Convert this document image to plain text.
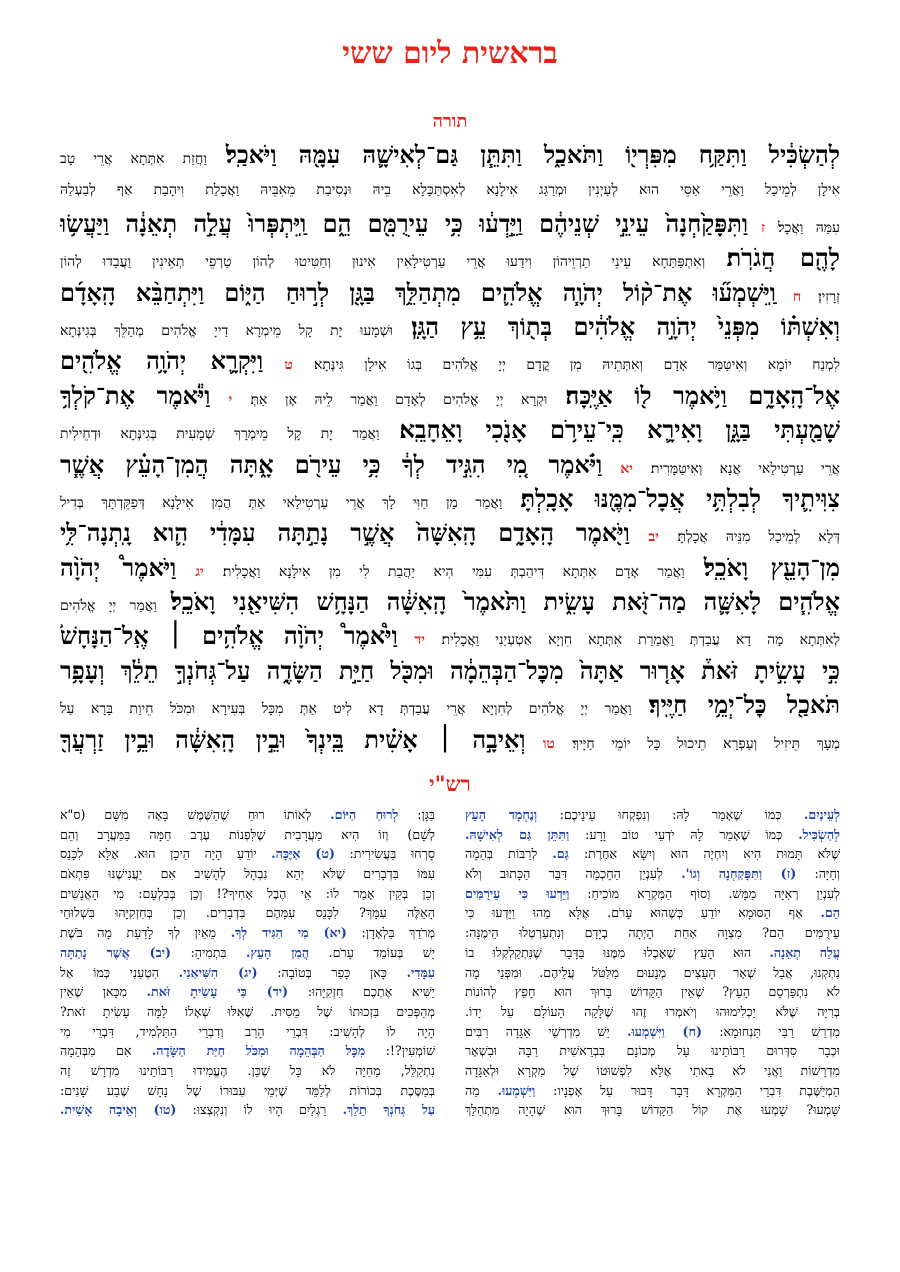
בראשית ליום ששי
תורה
לְהַשְׂכִּ֔יל וַתִּקַּ֥ח מִפִּרְי֖וֹ וַתֹּאכַ֑ל וַתִּתֵּ֧ן גַּם־לְאִישָׁ֛הּ עִמָּ֖הּ וַיֹּאכַֽל׃ וַחֲזַת אִתְּתָא אֲרֵי טָב
אִילָן לְמֵיכַל וַאֲרֵי אַסֵּי הוּא לְעַיְנִין וּמְרַגַּג אִילָנָא לְאִסְתַּכָּלָא בֵיהּ וּנְסִיבַת מֵאִבֵּיהּ וַאֲכָלַת וִיהָבַת אַף לְבַעְלַהּ
עִמַּהּ וַאֲכָל׃ ז וַתִּפָּקַ֙חְנָה֙ עֵינֵ֣י שְׁנֵיהֶ֔ם וַיֵּ֣דְע֔וּ כִּ֥י עֵירֻמִּ֖ם הֵ֑ם וַֽיִּתְפְּרוּ֙ עֲלֵ֣ה תְאֵנָ֔ה וַיַּעֲשׂ֥וּ
לָהֶ֖ם חֲגֹרֹֽת׃ וְאִתְפַּתַּחָא עֵינֵי תַרְוֵיהוֹן וִידַעוּ אֲרֵי עַרְטִילָאִין אִינוּן וְחַטִּיטוּ לְהוֹן טַרְפֵי תְאֵינִין וַעֲבַדוּ לְהוֹן
זְרָזִין׃ ח וַֽיִּשְׁמְע֞וּ אֶת־ק֨וֹל יְהֹוָ֧ה אֱלֹהִ֛ים מִתְהַלֵּ֥ךְ בַּגָּ֖ן לְר֣וּחַ הַיּ֑וֹם וַיִּתְחַבֵּ֨א הָֽאָדָ֜ם
וְאִשְׁתּ֗וֹ מִפְּנֵי֙ יְהֹוָ֣ה אֱלֹהִ֔ים בְּת֖וֹךְ עֵ֥ץ הַגָּֽן׃ וּשְׁמָעוּ יָת קָל מֵימְרָא דַייָ אֱלֹהִים מְהַלֵּךְ בְּגִינְּתָא
לִמְנַח יוֹמָא וְאִיטַּמַּר אָדָם וְאִתְּתֵיהּ מִן קֳדָם יְיָ אֱלֹהִים בְּגוֹ אִילָן גִּינְּתָא׃ ט וַיִּקְרָ֛א יְהֹוָ֥ה אֱלֹהִ֖ים
אֶל־הָֽאָדָ֑ם וַיֹּ֥אמֶר ל֖וֹ אַיֶּֽכָּה׃ וּקְרָא יְיָ אֱלֹהִים לְאָדָם וַאֲמַר לֵיהּ אָן אַתְּ׃ י וַיֹּ֕אמֶר אֶת־קֹלְךָ֥
שָׁמַ֖עְתִּי בַּגָּ֑ן וָאִירָ֛א כִּֽי־עֵירֹ֥ם אָנֹ֖כִי וָאֵחָבֵֽא׃ וַאֲמַר יָת קָל מֵימְרָךְ שְׁמָעִית בְּגִינְּתָא וּדְחֵילִית
אֲרֵי עַרְטִילַאי אֲנָא וְאִיטַּמָּרִית׃ יא וַיֹּ֗אמֶר מִ֚י הִגִּ֣יד לְךָ֔ כִּ֥י עֵירֹ֖ם אָ֑תָּה הֲמִן־הָעֵ֗ץ אֲשֶׁ֧ר
צִוִּיתִ֛יךָ לְבִלְתִּ֥י אֲכָל־מִמֶּ֖נּוּ אָכָֽלְתָּ׃ וַאֲמַר מַן חַוִּי לָךְ אֲרֵי עַרְטִילַאי אַתְּ הֲמִן אִילָנָא דְּפַקֵּדְתָּךְ בְּדִיל
דְּלָא לְמֵיכַל מִנֵּיהּ אֲכָלְתָּ׃ יב וַיֹּ֖אמֶר הָֽאָדָ֑ם הָֽאִשָּׁה֙ אֲשֶׁ֣ר נָתַ֣תָּה עִמָּדִ֔י הִ֛וא נָֽתְנָה־לִּ֥י
מִן־הָעֵ֖ץ וָאֹכֵֽל׃ וַאֲמַר אָדָם אִתְּתָא דִּיהַבְתְּ עִמִּי הִיא יַהֲבַת לִי מִן אִילָנָא וַאֲכָלִית׃ יג וַיֹּאמֶר֩ יְהֹוָ֨ה
אֱלֹהִ֧ים לָאִשָּׁ֛ה מַה־זֹּ֖את עָשִׂ֑ית וַתֹּ֙אמֶר֙ הָֽאִשָּׁ֔ה הַנָּחָ֥שׁ הִשִּׁיאַ֖נִי וָאֹכֵֽל׃ וַאֲמַר יְיָ אֱלֹהִים
לְאִתְּתָא מָה דָא עֲבַדְתְּ וַאֲמַרַת אִתְּתָא חִוְיָא אַטְעְיַנִי וַאֲכָלִית׃ יד וַיֹּ֩אמֶר֩ יְהֹוָ֨ה אֱלֹהִ֥ים ׀ אֶֽל־הַנָּחָשׁ֮
כִּ֣י עָשִׂ֣יתָ זֹּאת֒ אָר֤וּר אַתָּה֙ מִכׇּל־הַבְּהֵמָ֔ה וּמִכֹּ֖ל חַיַּ֣ת הַשָּׂדֶ֑ה עַל־גְּחֹנְךָ֣ תֵלֵ֔ךְ וְעָפָ֥ר
תֹּאכַ֖ל כׇּל־יְמֵ֥י חַיֶּֽיךָ׃ וַאֲמַר יְיָ אֱלֹהִים לְחִוְיָא אֲרֵי עֲבַדְתְּ דָא לִיט אַתְּ מִכָּל בְּעִירָא וּמִכֹּל חֵיוַת בָּרָא עַל
מְעָךְ תֵּיזִיל וְעַפְרָא תֵיכוּל כָּל יוֹמֵי חַיָּיךְ׃ טו וְאֵיבָ֣ה ׀ אָשִׁ֗ית בֵּֽינְךָ֙ וּבֵ֣ין הָֽאִשָּׁ֔ה וּבֵ֥ין זַרְעֲךָ֖
רש"י
לְעֵינַיִם. כְּמוֹ שֶׁאָמַר לָהּ: וְנִפְקְחוּ עֵינֵיכֶם: וְנֶחְמָד הָעֵץ
לְהַשְׂכִּיל. כְּמוֹ שֶׁאָמַר לָהּ יֹדְעֵי טוֹב וָרָע: וַתִּתֵּן גַּם לְאִישָׁהּ.
שֶׁלֹּא תָּמוּת הִיא וְיִחְיֶה הוּא וְיִשָּׂא אַחֶרֶת: גַּם. לְרַבּוֹת בְּהֵמָה
וְחַיָּה: (ז) וַתִּפָּקַחְנָה וְגוֹ'. לְעִנְיַן הַחָכְמָה דִּבֵּר הַכָּתוּב וְלֹא
לְעִנְיַן רְאִיָּה מַמָּשׁ. וְסוֹף הַמִּקְרָא מוֹכִיחַ: וַיֵּדְעוּ כִּי עֵירֻמִּים
הֵם. אַף הַסּוּמָא יוֹדֵעַ כְּשֶׁהוּא עָרֹם. אֶלָּא מַהוּ וַיֵּדְעוּ כִּי
עֵירֻמִּים הֵם? מִצְוָה אַחַת הָיְתָה בְיָדָם וְנִתְעַרְטְלוּ הֵימֶנָּה:
עֲלֵה תְאֵנָה. הוּא הָעֵץ שֶׁאָכְלוּ מִמֶּנּוּ בַּדָּבָר שֶׁנִּתְקַלְקְלוּ בוֹ
נִתְקְנוּ, אֲבָל שְׁאָר הָעֵצִים מְנָעוּם מִלִּטֹּל עֲלֵיהֶם. וּמִפְּנֵי מָה
לֹא נִתְפַּרְסֵם הָעֵץ? שֶׁאֵין הַקָּדוֹשׁ בָּרוּךְ הוּא חָפֵץ לְהוֹנוֹת
בְּרִיָּה שֶׁלֹּא יַכְלִימוּהוּ וְיֹאמְרוּ זֶהוּ שֶׁלָּקָה הָעוֹלָם עַל יָדוֹ.
מִדְרַשׁ רַבִּי תַּנְחוּמָא: (ח) וַיִּשְׁמְעוּ. יֵשׁ מִדְרְשֵׁי אַגָּדָה רַבִּים
וּכְבָר סִדְּרוּם רַבּוֹתֵינוּ עַל מְכוֹנָם בִּבְרֵאשִׁית רַבָּה וּבִשְׁאָר
מִדְרָשׁוֹת וַאֲנִי לֹא בָאתִי אֶלָּא לִפְשׁוּטוֹ שֶׁל מִקְרָא וּלְאַגָּדָה
הַמְיַשֶּׁבֶת דִּבְרֵי הַמִּקְרָא דָּבָר דָּבוּר עַל אָפְנָיו: וַיִּשְׁמְעוּ. מַה
שָּׁמְעוּ? שָׁמְעוּ אֶת קוֹל הַקָּדוֹשׁ בָּרוּךְ הוּא שֶׁהָיָה מִתְהַלֵּךְ
בַּגָּן: לְרוּחַ הַיּוֹם. לְאוֹתוֹ רוּחַ שֶׁהַשֶּׁמֶשׁ בָּאָה מִשָּׁם (ס"א
לְשָׁם) וְזוֹ הִיא מַעֲרָבִית שֶׁלִּפְנוֹת עֶרֶב חַמָּה בַּמַּעֲרָב וְהֵם
סָרְחוּ בַּעֲשִׂירִית: (ט) אַיֶּכָּה. יוֹדֵעַ הָיָה הֵיכָן הוּא. אֶלָּא לִכָּנֵס
עִמּוֹ בִּדְבָרִים שֶׁלֹּא יְהֵא נִבְהָל לְהָשִׁיב אִם יַעֲנִישֶׁנּוּ פִּתְאֹם
וְכֵן בְּקַיִן אָמַר לוֹ: אֵי הֶבֶל אָחִיךָ?! וְכֵן בְּבִלְעָם: מִי הָאֲנָשִׁים
הָאֵלֶּה עִמָּךְ? לִכָּנֵס עִמָּהֶם בִּדְבָרִים. וְכֵן בְּחִזְקִיָּהוּ בִּשְׁלוּחֵי
מְרֹדַךְ בַּלְאָדָן: (יא) מִי הִגִּיד לְךָ. מֵאַיִן לְךָ לָדַעַת מָה בֹּשֶׁת
יֵשׁ בְּעוֹמֵד עָרֹם. הֲמִן הָעֵץ. בִּתְמִיהָ: (יב) אֲשֶׁר נָתַתָּה
עִמָּדִי. כָּאן כָּפַר בְּטוֹבָה: (יג) הִשִּׁיאַנִי. הִטְעַנִי כְּמוֹ אַל
יַשִּׁיא אֶתְכֶם חִזְקִיָּהוּ: (יד) כִּי עָשִׂיתָ זֹּאת. מִכָּאן שֶׁאֵין
מְהַפְּכִים בִּזְכוּתוֹ שֶׁל מֵסִית. שֶׁאִלּוּ שְׁאָלוֹ לָמָּה עָשִׂיתָ זֹאת?
הָיָה לוֹ לְהָשִׁיב: דִּבְרֵי הָרַב וְדִבְרֵי הַתַּלְמִיד, דִּבְרֵי מִי
שׁוֹמְעִין?!: מִכָּל הַבְּהֵמָה וּמִכֹּל חַיַּת הַשָּׂדֶה. אִם מִבְּהֵמָה
נִתְקַלֵּל, מֵחַיָּה לֹא כָּל שֶׁכֵּן. הֶעֱמִידוּ רַבּוֹתֵינוּ מִדְרָשׁ זֶה
בְּמַסֶּכֶת בְּכוֹרוֹת לְלַמֵּד שֶׁיְּמֵי עִבּוּרוֹ שֶׁל נָחָשׁ שֶׁבַע שָׁנִים:
עַל גְּחֹנְךָ תֵלֵךְ. רַגְלַיִם הָיוּ לוֹ וְנִקְצְצוּ: (טו) וְאֵיבָה אָשִׁית.
